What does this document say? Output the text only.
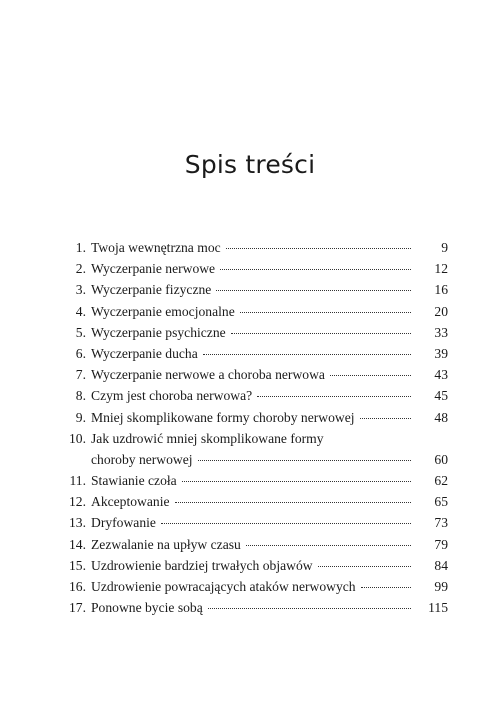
Spis treści
1. Twoja wewnętrzna moc	9
2. Wyczerpanie nerwowe	12
3. Wyczerpanie fizyczne	16
4. Wyczerpanie emocjonalne	20
5. Wyczerpanie psychiczne	33
6. Wyczerpanie ducha	39
7. Wyczerpanie nerwowe a choroba nerwowa	43
8. Czym jest choroba nerwowa?	45
9. Mniej skomplikowane formy choroby nerwowej	48
10. Jak uzdrowić mniej skomplikowane formy
choroby nerwowej	60
11. Stawianie czoła	62
12. Akceptowanie	65
13. Dryfowanie	73
14. Zezwalanie na upływ czasu	79
15. Uzdrowienie bardziej trwałych objawów	84
16. Uzdrowienie powracających ataków nerwowych	99
17. Ponowne bycie sobą	115
